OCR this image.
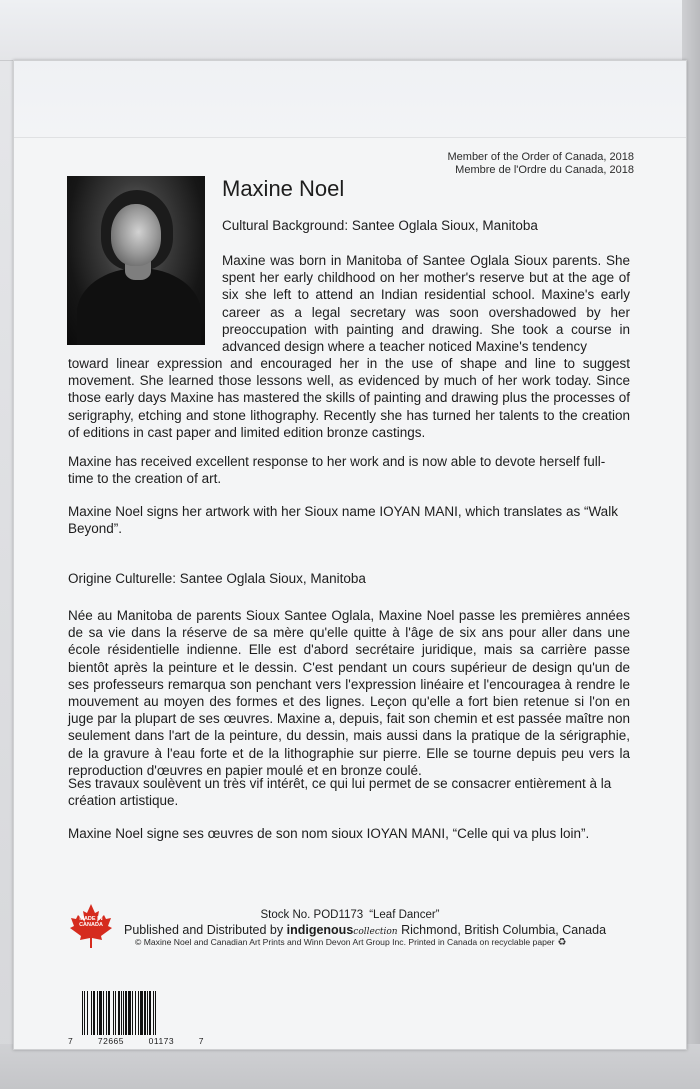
Member of the Order of Canada, 2018
Membre de l'Ordre du Canada, 2018
Maxine Noel
Cultural Background: Santee Oglala Sioux, Manitoba

Maxine was born in Manitoba of Santee Oglala Sioux parents. She spent her early childhood on her mother's reserve but at the age of six she left to attend an Indian residential school. Maxine's early career as a legal secretary was soon overshadowed by her preoccupation with painting and drawing. She took a course in advanced design where a teacher noticed Maxine's tendency

toward linear expression and encouraged her in the use of shape and line to suggest movement. She learned those lessons well, as evidenced by much of her work today. Since those early days Maxine has mastered the skills of painting and drawing plus the processes of serigraphy, etching and stone lithography. Recently she has turned her talents to the creation of editions in cast paper and limited edition bronze castings.

Maxine has received excellent response to her work and is now able to devote herself full-time to the creation of art.

Maxine Noel signs her artwork with her Sioux name IOYAN MANI, which translates as “Walk Beyond”.

Origine Culturelle: Santee Oglala Sioux, Manitoba

Née au Manitoba de parents Sioux Santee Oglala, Maxine Noel passe les premières années de sa vie dans la réserve de sa mère qu'elle quitte à l'âge de six ans pour aller dans une école résidentielle indienne. Elle est d'abord secrétaire juridique, mais sa carrière passe bientôt après la peinture et le dessin. C'est pendant un cours supérieur de design qu'un de ses professeurs remarqua son penchant vers l'expression linéaire et l'encouragea à rendre le mouvement au moyen des formes et des lignes. Leçon qu'elle a fort bien retenue si l'on en juge par la plupart de ses œuvres. Maxine a, depuis, fait son chemin et est passée maître non seulement dans l'art de la peinture, du dessin, mais aussi dans la pratique de la sérigraphie, de la gravure à l'eau forte et de la lithographie sur pierre. Elle se tourne depuis peu vers la reproduction d'œuvres en papier moulé et en bronze coulé.

Ses travaux soulèvent un très vif intérêt, ce qui lui permet de se consacrer entièrement à la création artistique.

Maxine Noel signe ses œuvres de son nom sioux IOYAN MANI, “Celle qui va plus loin”.

MADE IN CANADA
Stock No. POD1173 “Leaf Dancer”
Published and Distributed by indigenouscollection Richmond, British Columbia, Canada
© Maxine Noel and Canadian Art Prints and Winn Devon Art Group Inc. Printed in Canada on recyclable paper ♻
7	72665	01173	7
